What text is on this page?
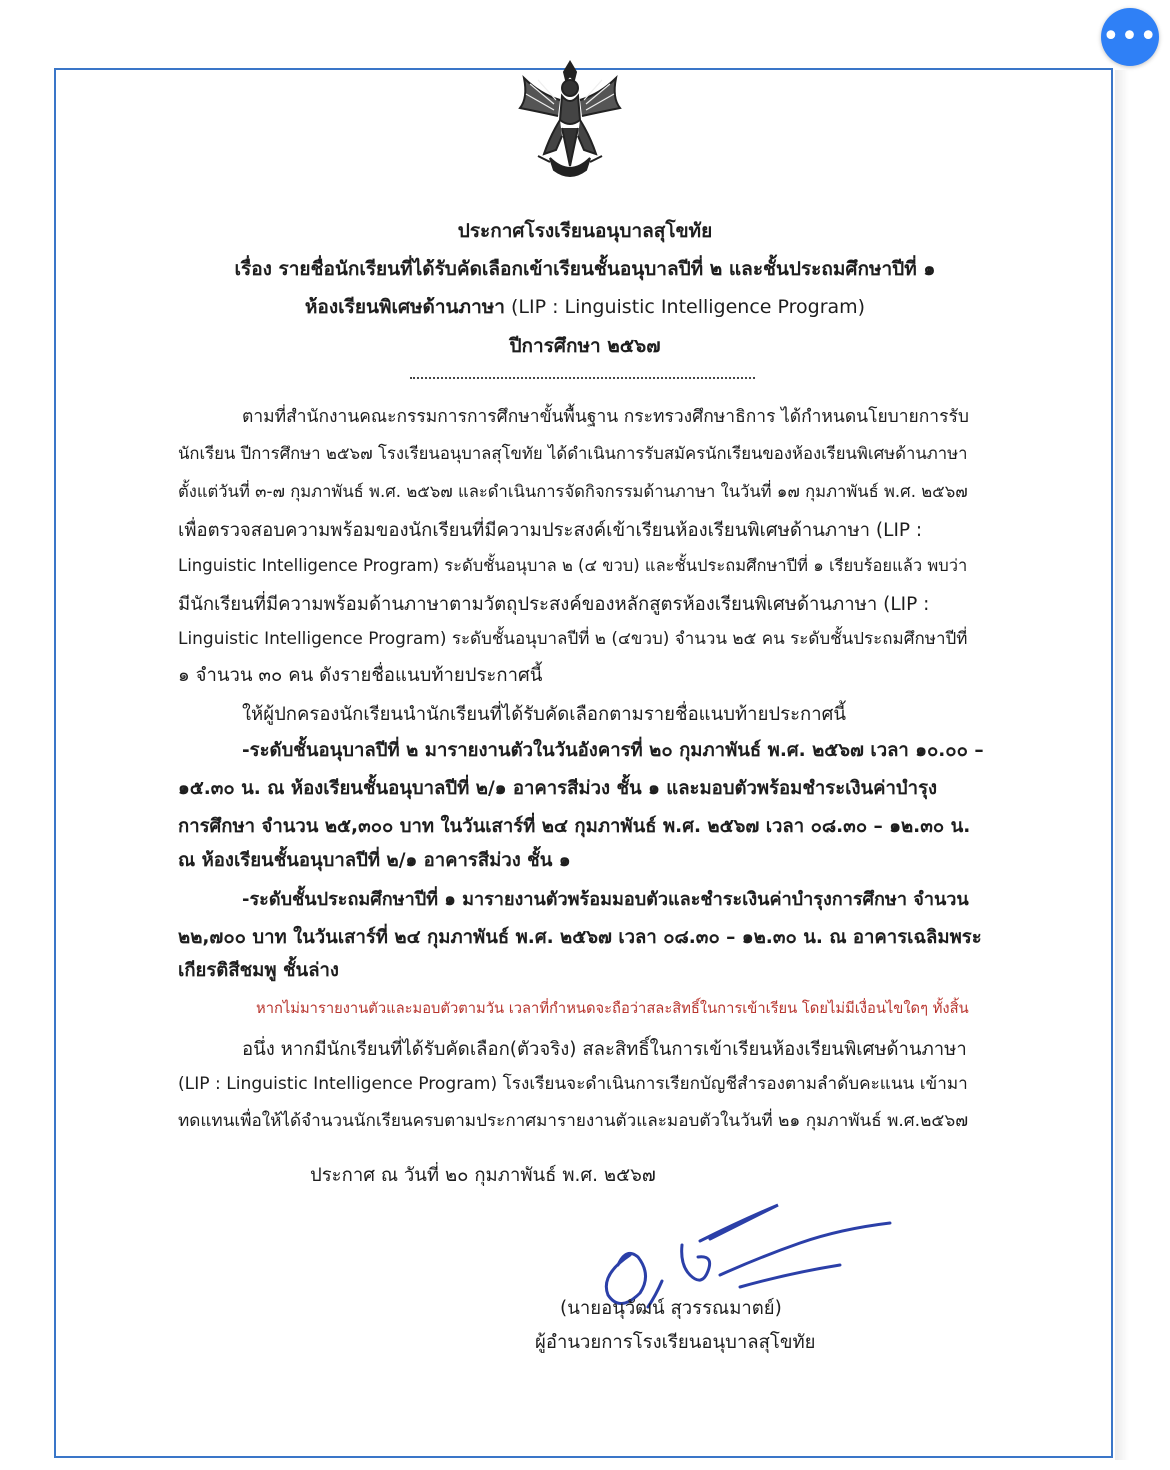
•••
ประกาศโรงเรียนอนุบาลสุโขทัย
เรื่อง รายชื่อนักเรียนที่ได้รับคัดเลือกเข้าเรียนชั้นอนุบาลปีที่ ๒ และชั้นประถมศึกษาปีที่ ๑
ห้องเรียนพิเศษด้านภาษา (LIP : Linguistic Intelligence Program)
ปีการศึกษา ๒๕๖๗
ตามที่สำนักงานคณะกรรมการการศึกษาขั้นพื้นฐาน กระทรวงศึกษาธิการ ได้กำหนดนโยบายการรับ
นักเรียน ปีการศึกษา ๒๕๖๗ โรงเรียนอนุบาลสุโขทัย ได้ดำเนินการรับสมัครนักเรียนของห้องเรียนพิเศษด้านภาษา
ตั้งแต่วันที่ ๓-๗ กุมภาพันธ์ พ.ศ. ๒๕๖๗ และดำเนินการจัดกิจกรรมด้านภาษา ในวันที่ ๑๗ กุมภาพันธ์ พ.ศ. ๒๕๖๗
เพื่อตรวจสอบความพร้อมของนักเรียนที่มีความประสงค์เข้าเรียนห้องเรียนพิเศษด้านภาษา (LIP :
Linguistic Intelligence Program) ระดับชั้นอนุบาล ๒ (๔ ขวบ) และชั้นประถมศึกษาปีที่ ๑ เรียบร้อยแล้ว พบว่า
มีนักเรียนที่มีความพร้อมด้านภาษาตามวัตถุประสงค์ของหลักสูตรห้องเรียนพิเศษด้านภาษา (LIP :
Linguistic Intelligence Program) ระดับชั้นอนุบาลปีที่ ๒ (๔ขวบ) จำนวน ๒๕ คน ระดับชั้นประถมศึกษาปีที่
๑ จำนวน ๓๐ คน ดังรายชื่อแนบท้ายประกาศนี้
ให้ผู้ปกครองนักเรียนนำนักเรียนที่ได้รับคัดเลือกตามรายชื่อแนบท้ายประกาศนี้
-ระดับชั้นอนุบาลปีที่ ๒ มารายงานตัวในวันอังคารที่ ๒๐ กุมภาพันธ์ พ.ศ. ๒๕๖๗ เวลา ๑๐.๐๐ –
๑๕.๓๐ น. ณ ห้องเรียนชั้นอนุบาลปีที่ ๒/๑ อาคารสีม่วง ชั้น ๑ และมอบตัวพร้อมชำระเงินค่าบำรุง
การศึกษา จำนวน ๒๕,๓๐๐ บาท ในวันเสาร์ที่ ๒๔ กุมภาพันธ์ พ.ศ. ๒๕๖๗ เวลา ๐๘.๓๐ – ๑๒.๓๐ น.
ณ ห้องเรียนชั้นอนุบาลปีที่ ๒/๑ อาคารสีม่วง ชั้น ๑
-ระดับชั้นประถมศึกษาปีที่ ๑ มารายงานตัวพร้อมมอบตัวและชำระเงินค่าบำรุงการศึกษา จำนวน
๒๒,๗๐๐ บาท ในวันเสาร์ที่ ๒๔ กุมภาพันธ์ พ.ศ. ๒๕๖๗ เวลา ๐๘.๓๐ – ๑๒.๓๐ น. ณ อาคารเฉลิมพระ
เกียรติสีชมพู ชั้นล่าง
หากไม่มารายงานตัวและมอบตัวตามวัน เวลาที่กำหนดจะถือว่าสละสิทธิ์ในการเข้าเรียน โดยไม่มีเงื่อนไขใดๆ ทั้งสิ้น
อนึ่ง หากมีนักเรียนที่ได้รับคัดเลือก(ตัวจริง) สละสิทธิ์ในการเข้าเรียนห้องเรียนพิเศษด้านภาษา
(LIP : Linguistic Intelligence Program) โรงเรียนจะดำเนินการเรียกบัญชีสำรองตามลำดับคะแนน เข้ามา
ทดแทนเพื่อให้ได้จำนวนนักเรียนครบตามประกาศมารายงานตัวและมอบตัวในวันที่ ๒๑ กุมภาพันธ์ พ.ศ.๒๕๖๗
ประกาศ ณ วันที่ ๒๐ กุมภาพันธ์ พ.ศ. ๒๕๖๗
(นายอนุวัฒน์ สุวรรณมาตย์)
ผู้อำนวยการโรงเรียนอนุบาลสุโขทัย
